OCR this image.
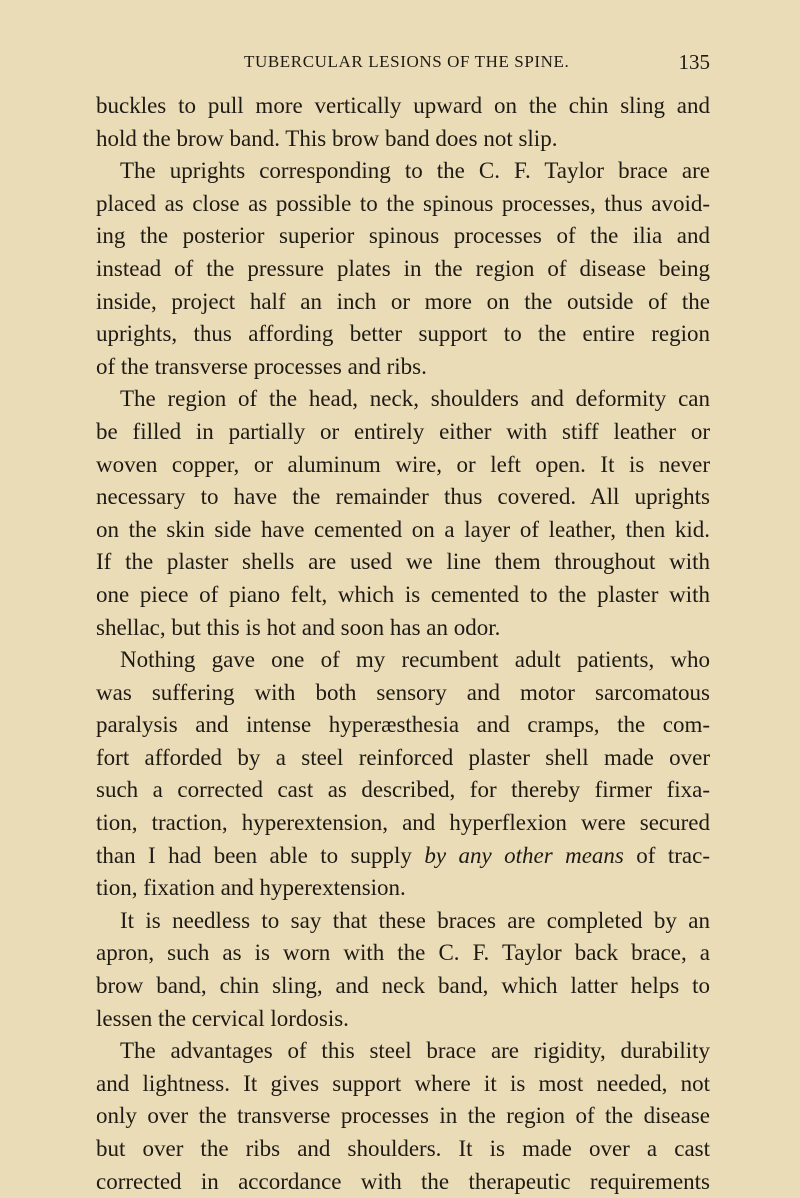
TUBERCULAR LESIONS OF THE SPINE.	135
buckles to pull more vertically upward on the chin sling and
hold the brow band. This brow band does not slip.
The uprights corresponding to the C. F. Taylor brace are
placed as close as possible to the spinous processes, thus avoid-
ing the posterior superior spinous processes of the ilia and
instead of the pressure plates in the region of disease being
inside, project half an inch or more on the outside of the
uprights, thus affording better support to the entire region
of the transverse processes and ribs.
The region of the head, neck, shoulders and deformity can
be filled in partially or entirely either with stiff leather or
woven copper, or aluminum wire, or left open. It is never
necessary to have the remainder thus covered. All uprights
on the skin side have cemented on a layer of leather, then kid.
If the plaster shells are used we line them throughout with
one piece of piano felt, which is cemented to the plaster with
shellac, but this is hot and soon has an odor.
Nothing gave one of my recumbent adult patients, who
was suffering with both sensory and motor sarcomatous
paralysis and intense hyperæsthesia and cramps, the com-
fort afforded by a steel reinforced plaster shell made over
such a corrected cast as described, for thereby firmer fixa-
tion, traction, hyperextension, and hyperflexion were secured
than I had been able to supply by any other means of trac-
tion, fixation and hyperextension.
It is needless to say that these braces are completed by an
apron, such as is worn with the C. F. Taylor back brace, a
brow band, chin sling, and neck band, which latter helps to
lessen the cervical lordosis.
The advantages of this steel brace are rigidity, durability
and lightness. It gives support where it is most needed, not
only over the transverse processes in the region of the disease
but over the ribs and shoulders. It is made over a cast
corrected in accordance with the therapeutic requirements
